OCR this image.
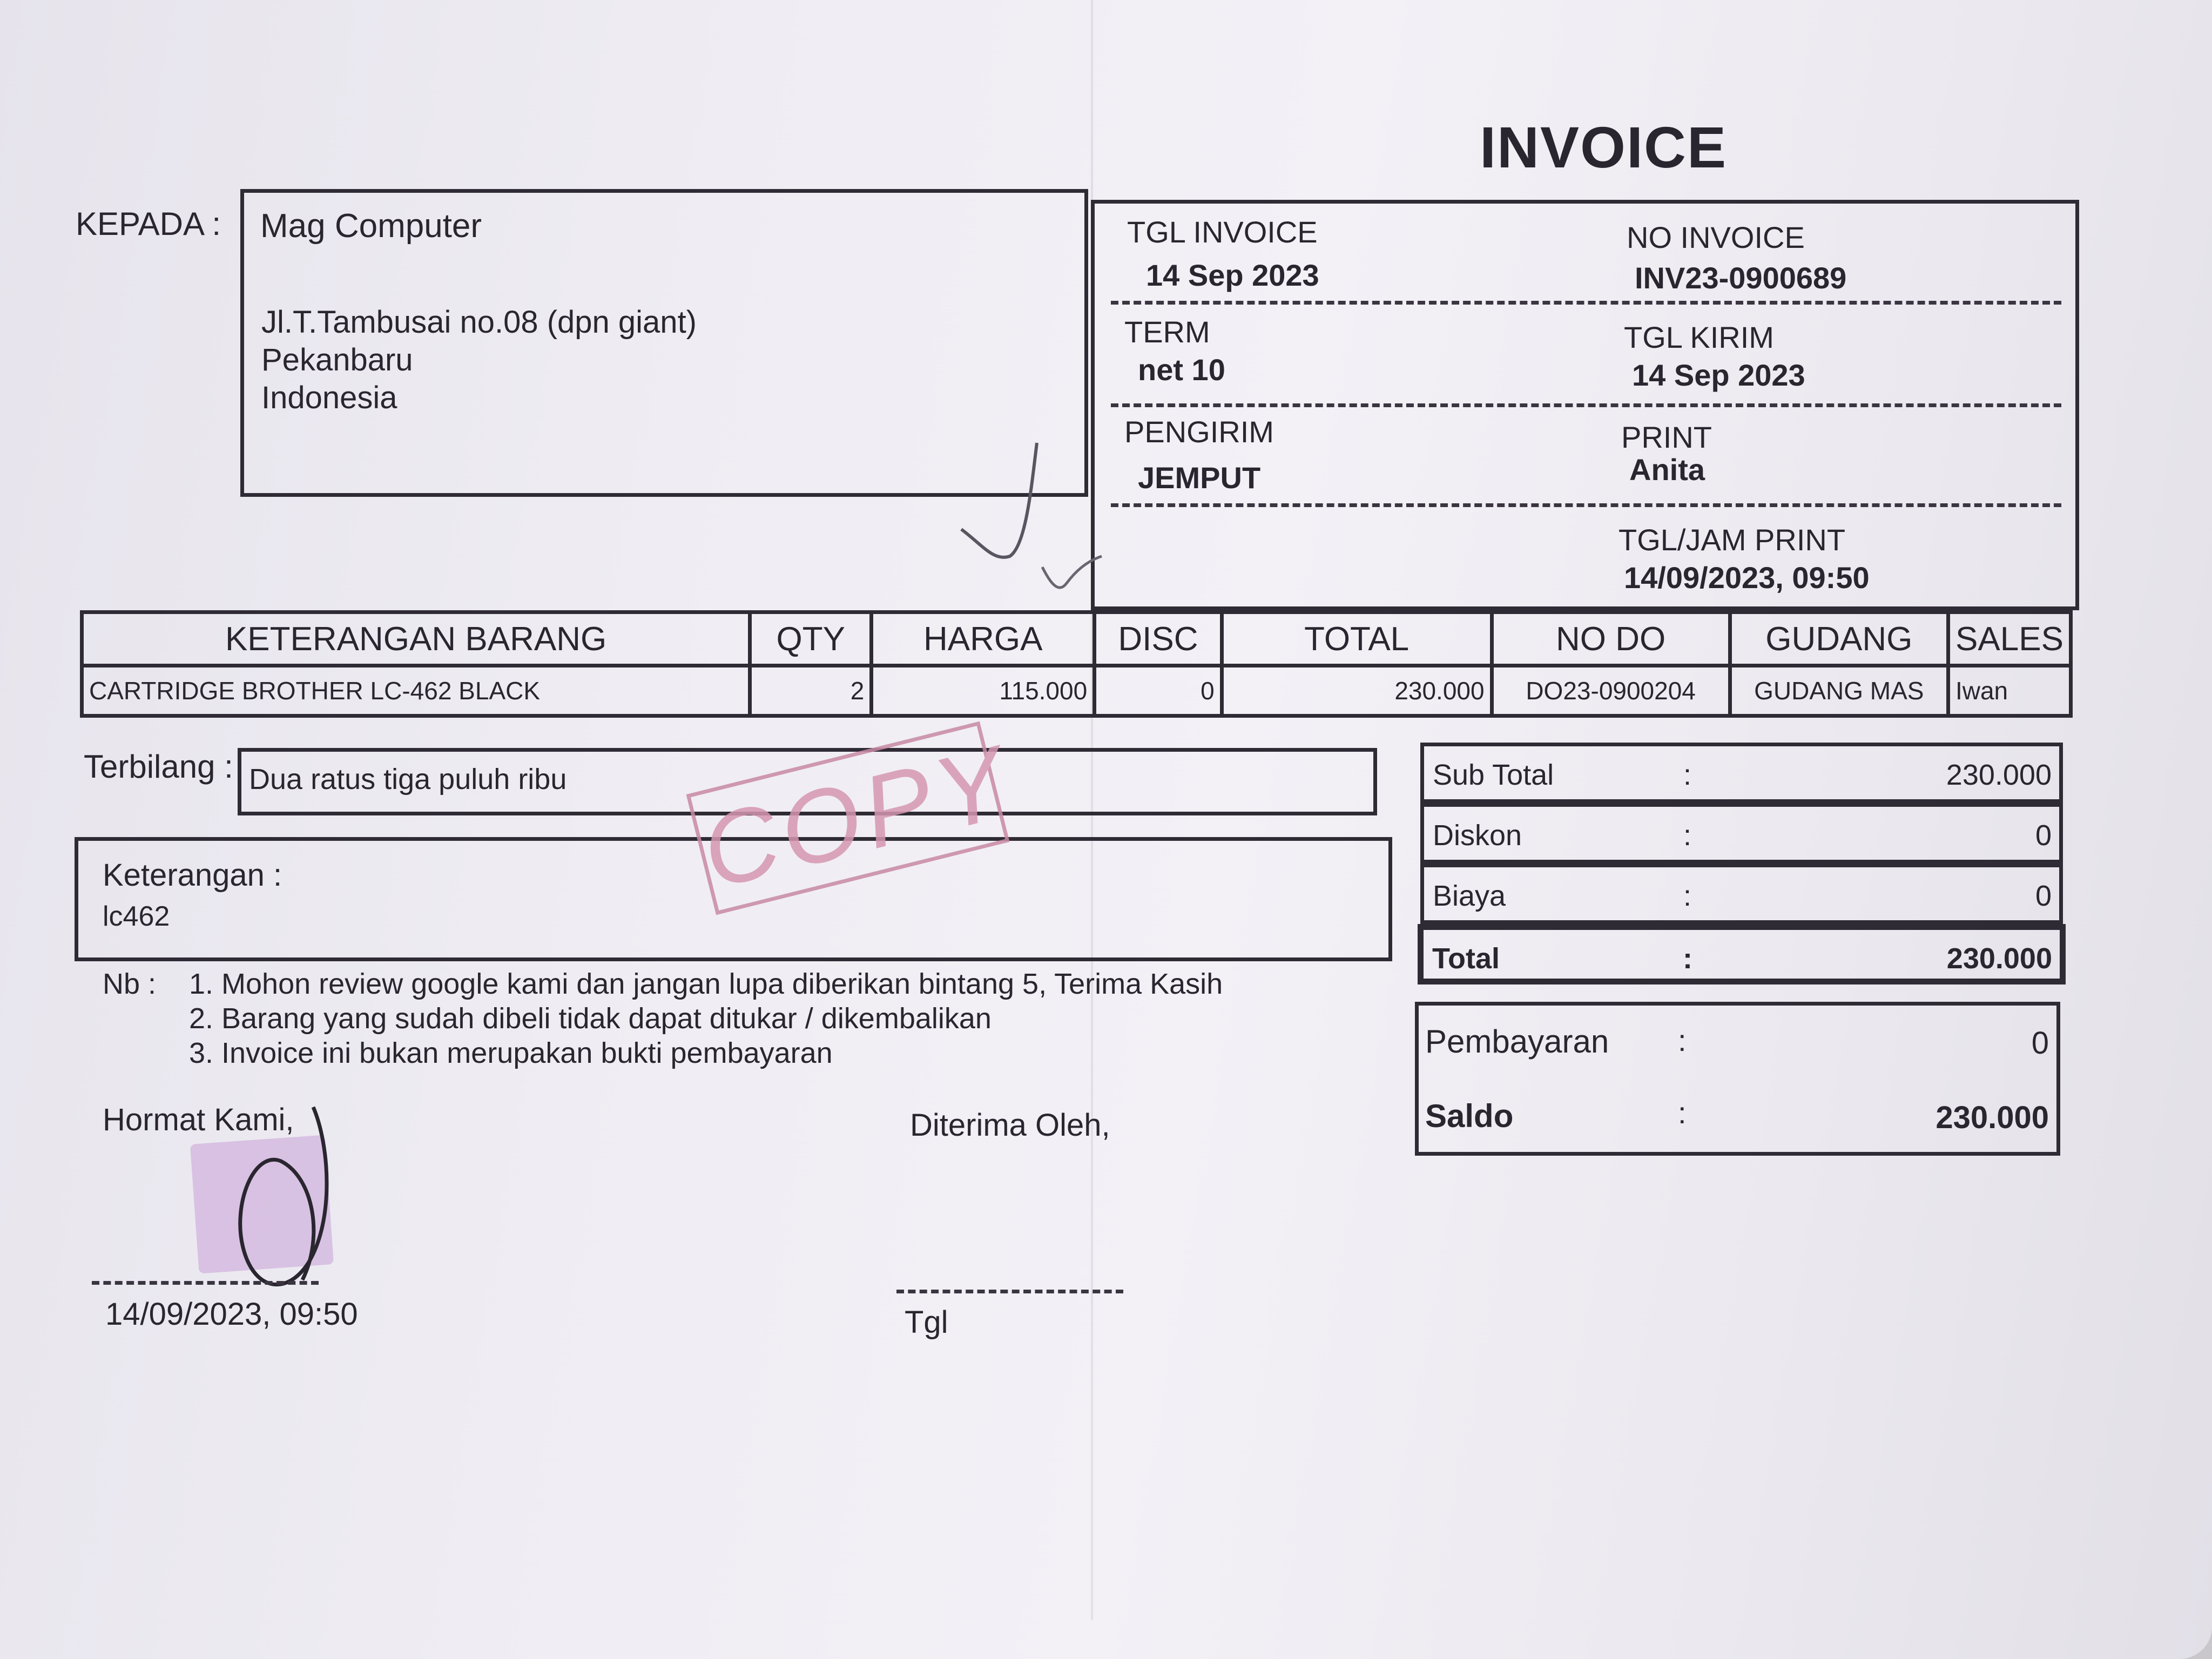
INVOICE
KEPADA : Mag Computer
Jl.T.Tambusai no.08 (dpn giant)
Pekanbaru
Indonesia
TGL INVOICE
14 Sep 2023
NO INVOICE
INV23-0900689
TERM
net 10
TGL KIRIM
14 Sep 2023
PENGIRIM
JEMPUT
PRINT
Anita
TGL/JAM PRINT
14/09/2023, 09:50
KETERANGAN BARANG	QTY	HARGA	DISC	TOTAL	NO DO	GUDANG	SALES
CARTRIDGE BROTHER LC-462 BLACK	2	115.000	0	230.000	DO23-0900204	GUDANG MAS	Iwan
Terbilang : Dua ratus tiga puluh ribu
Keterangan :
lc462
COPY	Sub Total	:	230.000
Diskon	:	0
Biaya	:	0
Total	:	230.000
Pembayaran :	0
Saldo	:	230.000
Nb : 1. Mohon review google kami dan jangan lupa diberikan bintang 5, Terima Kasih
2. Barang yang sudah dibeli tidak dapat ditukar / dikembalikan
3. Invoice ini bukan merupakan bukti pembayaran
Hormat Kami,
14/09/2023, 09:50
Diterima Oleh,
Tgl
